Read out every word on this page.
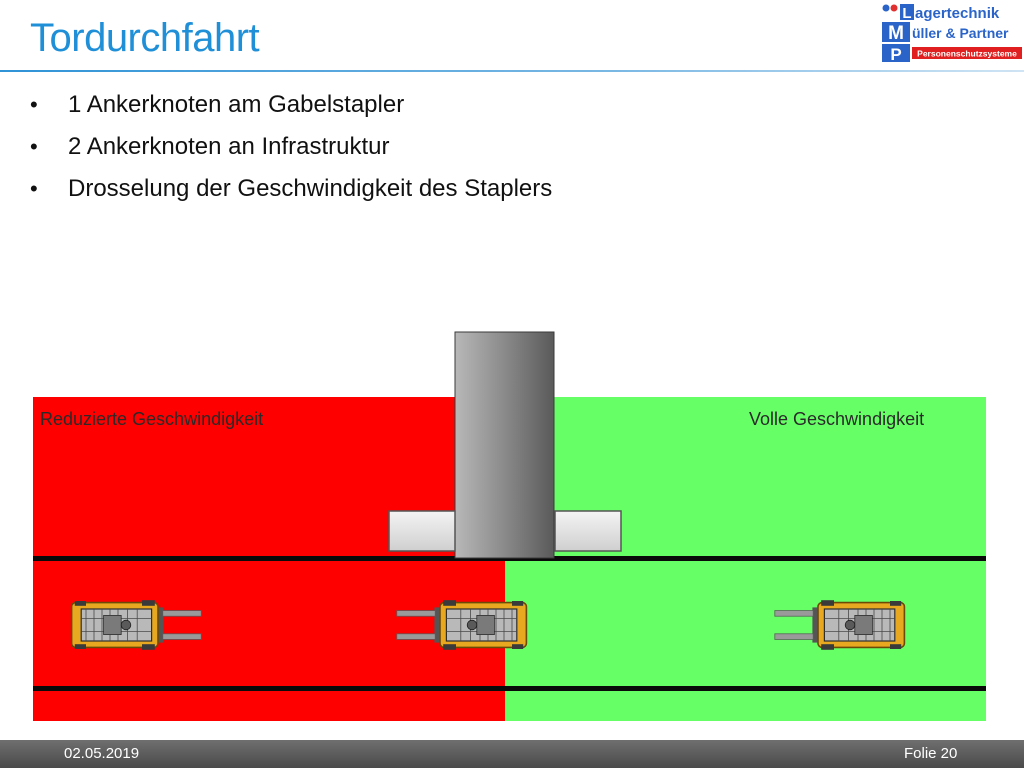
Tordurchfahrt
L
M
P
agertechnik
üller & Partner
Personenschutzsysteme
• 1 Ankerknoten am Gabelstapler
• 2 Ankerknoten an Infrastruktur
• Drosselung der Geschwindigkeit des Staplers
Reduzierte Geschwindigkeit	Volle Geschwindigkeit
02.05.2019	Folie 20
